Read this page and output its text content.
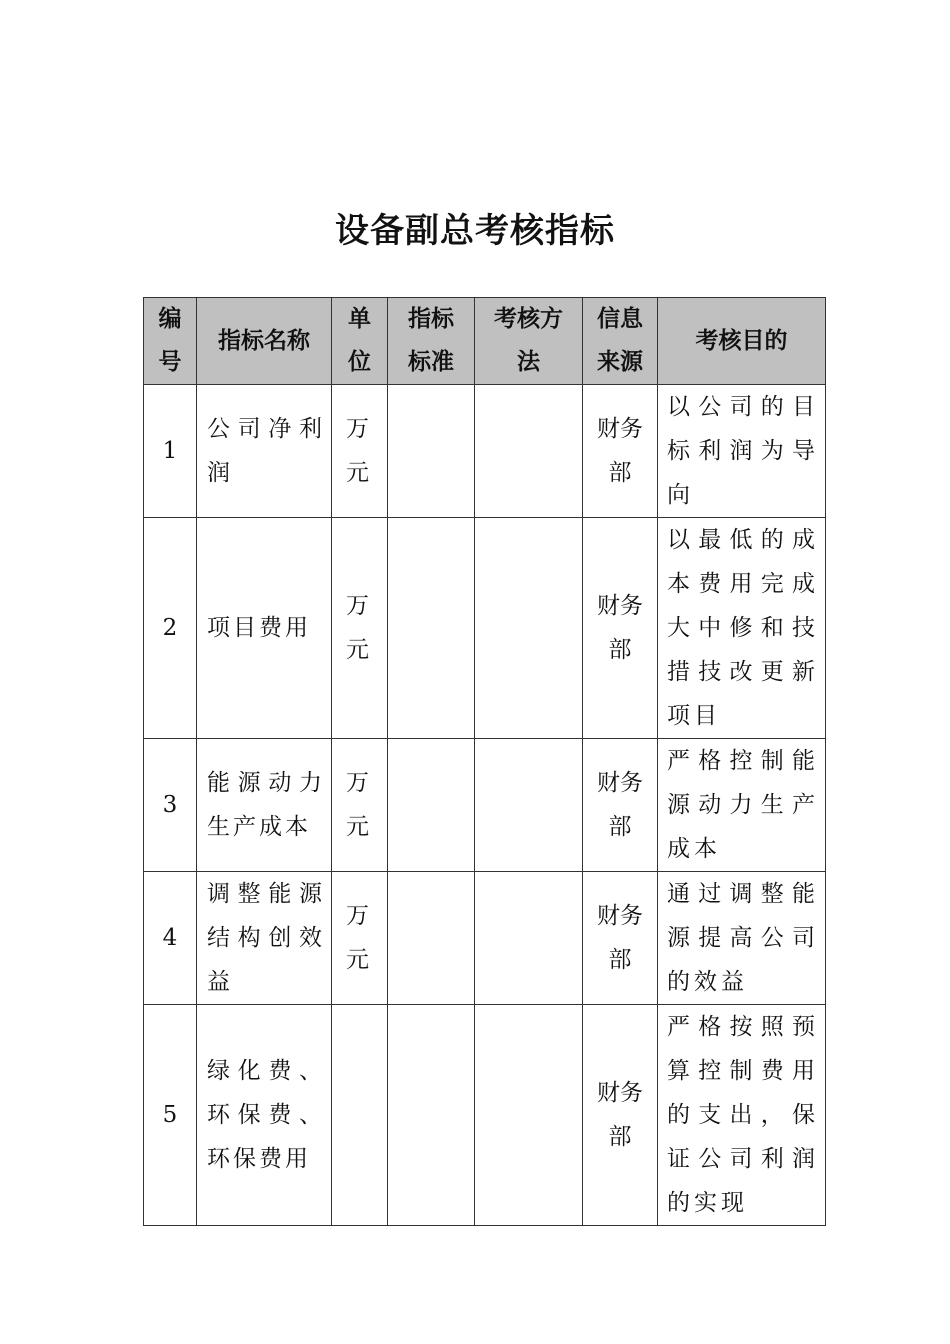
设备副总考核指标
编号	指标名称	单位	指标标准	考核方法	信息来源	考核目的
1	公司净利润	万元			财务部	以公司的目标利润为导向
2	项目费用	万元			财务部	以最低的成本费用完成大中修和技措技改更新项目
3	能源动力生产成本	万元			财务部	严格控制能源动力生产成本
4	调整能源结构创效益	万元			财务部	通过调整能源提高公司的效益
5	绿化费、环保费、环保费用				财务部	严格按照预算控制费用的支出，保证公司利润的实现
